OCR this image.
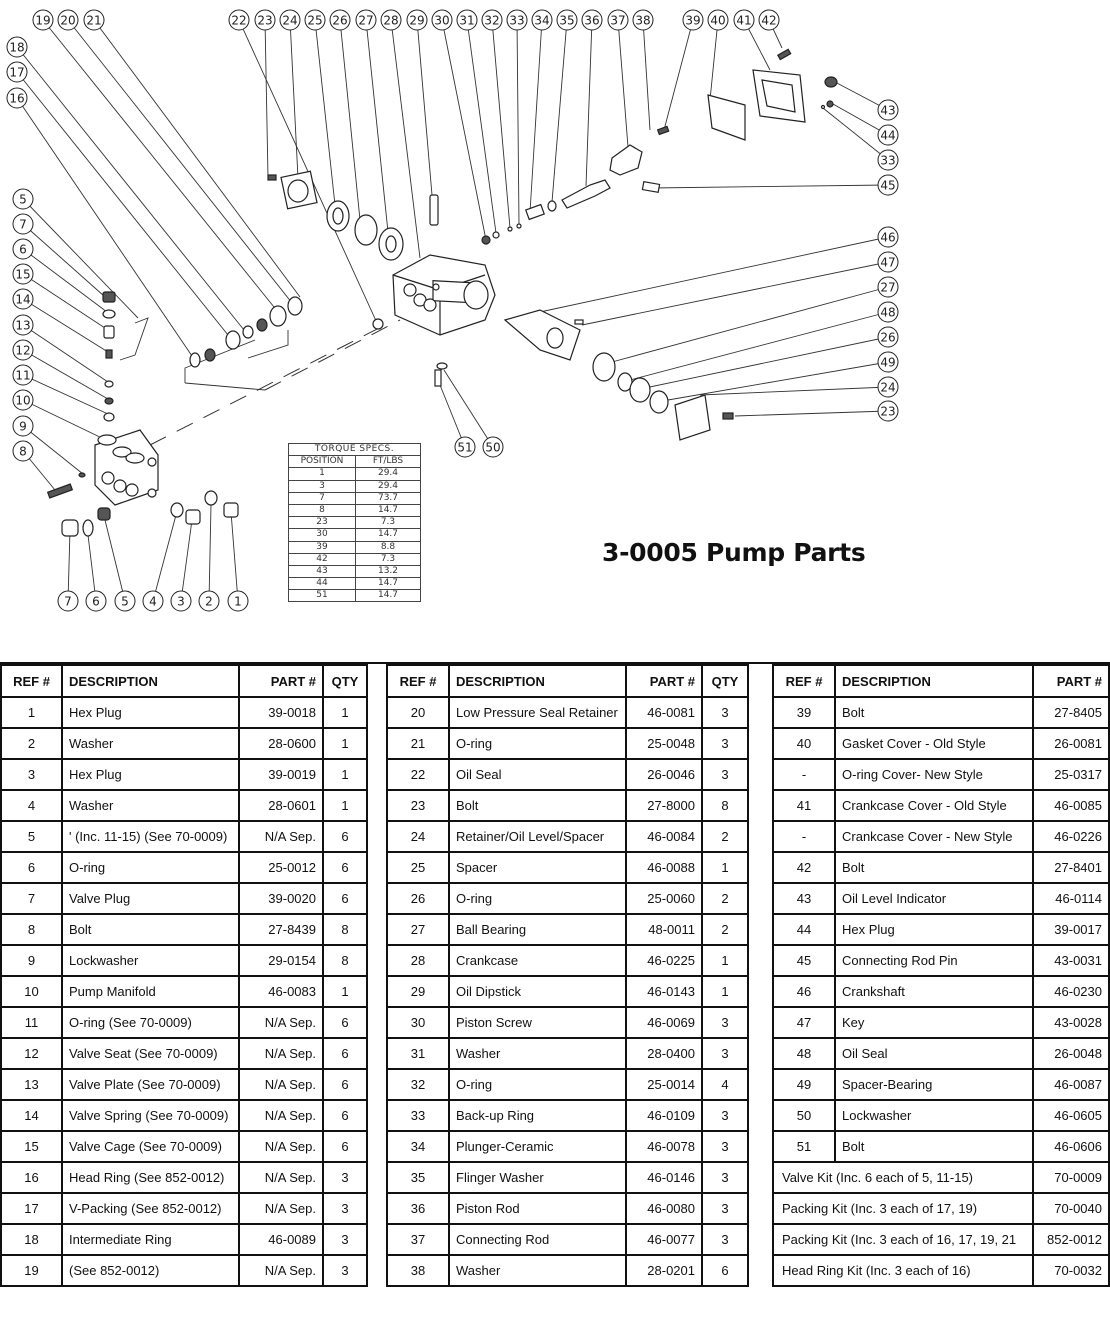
19 20 21	22 23 24 25 26 27 28 29 30 31 32 33 34 35 36 37 38	39 40 41 42
18
17
16
5
7
6
15
14
13
12
11
10
9
8
7 6 5 4 3 2 1
43
44
33
45
46
47
27
48
26
49
24
23
51 50
TORQUE SPECS.	
POSITION	FT/LBS
1	29.4
3	29.4
7	73.7
8	14.7
23	7.3
30	14.7
39	8.8
42	7.3
43	13.2
44	14.7
51	14.7
3-0005 Pump Parts
REF #	DESCRIPTION	PART #	QTY
1	Hex Plug	39-0018	1
2	Washer	28-0600	1
3	Hex Plug	39-0019	1
4	Washer	28-0601	1
5	' (Inc. 11-15) (See 70-0009)	N/A Sep.	6
6	O-ring	25-0012	6
7	Valve Plug	39-0020	6
8	Bolt	27-8439	8
9	Lockwasher	29-0154	8
10	Pump Manifold	46-0083	1
11	O-ring (See 70-0009)	N/A Sep.	6
12	Valve Seat (See 70-0009)	N/A Sep.	6
13	Valve Plate (See 70-0009)	N/A Sep.	6
14	Valve Spring (See 70-0009)	N/A Sep.	6
15	Valve Cage (See 70-0009)	N/A Sep.	6
16	Head Ring (See 852-0012)	N/A Sep.	3
17	V-Packing (See 852-0012)	N/A Sep.	3
18	Intermediate Ring	46-0089	3
19	(See 852-0012)	N/A Sep.	3
REF #	DESCRIPTION	PART #	QTY
20	Low Pressure Seal Retainer	46-0081	3
21	O-ring	25-0048	3
22	Oil Seal	26-0046	3
23	Bolt	27-8000	8
24	Retainer/Oil Level/Spacer	46-0084	2
25	Spacer	46-0088	1
26	O-ring	25-0060	2
27	Ball Bearing	48-0011	2
28	Crankcase	46-0225	1
29	Oil Dipstick	46-0143	1
30	Piston Screw	46-0069	3
31	Washer	28-0400	3
32	O-ring	25-0014	4
33	Back-up Ring	46-0109	3
34	Plunger-Ceramic	46-0078	3
35	Flinger Washer	46-0146	3
36	Piston Rod	46-0080	3
37	Connecting Rod	46-0077	3
38	Washer	28-0201	6
REF #	DESCRIPTION	PART #
39	Bolt	27-8405
40	Gasket Cover - Old Style	26-0081
-	O-ring Cover- New Style	25-0317
41	Crankcase Cover - Old Style	46-0085
-	Crankcase Cover - New Style	46-0226
42	Bolt	27-8401
43	Oil Level Indicator	46-0114
44	Hex Plug	39-0017
45	Connecting Rod Pin	43-0031
46	Crankshaft	46-0230
47	Key	43-0028
48	Oil Seal	26-0048
49	Spacer-Bearing	46-0087
50	Lockwasher	46-0605
51	Bolt	46-0606
Valve Kit (Inc. 6 each of 5, 11-15)		70-0009
Packing Kit (Inc. 3 each of 17, 19)		70-0040
Packing Kit (Inc. 3 each of 16, 17, 19, 21		852-0012
Head Ring Kit (Inc. 3 each of 16)		70-0032
